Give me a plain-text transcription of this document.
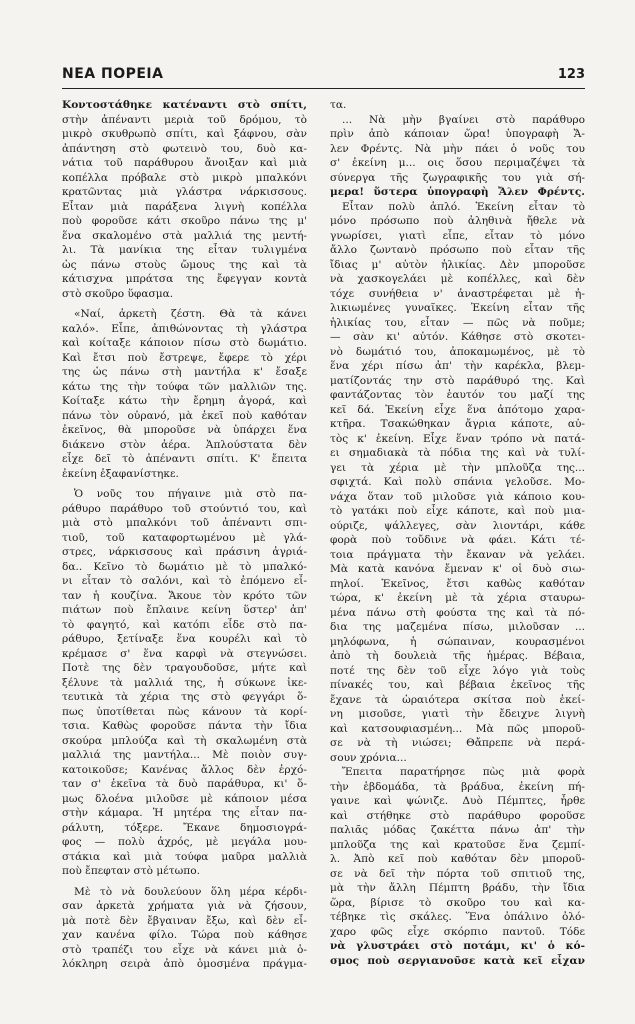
ΝΕΑ ΠΟΡΕΙΑ	123
Κοντοστάθηκε κατέναντι στὸ σπίτι,
στὴν ἀπέναντι μεριὰ τοῦ δρόμου, τὸ
μικρὸ σκυθρωπὸ σπίτι, καὶ ξάφνου, σὰν
ἀπάντηση στὸ φωτεινὸ του, δυὸ κα-
νάτια τοῦ παράθυρου ἄνοιξαν καὶ μιὰ
κοπέλλα πρόβαλε στὸ μικρὸ μπαλκόνι
κρατῶντας μιὰ γλάστρα νάρκισσους.
Εἶταν μιὰ παράξενα λιγνὴ κοπέλλα
ποὺ φοροῦσε κάτι σκοῦρο πάνω της μ'
ἕνα σκαλομένο στὰ μαλλιά της μεντή-
λι. Τὰ μανίκια της εἶταν τυλιγμένα
ὡς πάνω στοὺς ὤμους της καὶ τὰ
κάτισχνα μπράτσα της ἔφεγγαν κοντὰ
στὸ σκοῦρο ὕφασμα.
«Ναί, ἀρκετὴ ζέστη. Θὰ τὰ κάνει
καλό». Εἶπε, ἀπιθώνοντας τὴ γλάστρα
καὶ κοίταξε κάποιον πίσω στὸ δωμάτιο.
Καὶ ἔτσι ποὺ ἔστρεψε, ἔφερε τὸ χέρι
της ὡς πάνω στὴ μαντήλα κ' ἔσαξε
κάτω της τὴν τούφα τῶν μαλλιῶν της.
Κοίταξε κάτω τὴν ἔρημη ἀγορά, καὶ
πάνω τὸν οὐρανό, μὰ ἐκεῖ ποὺ καθόταν
ἐκεῖνος, θὰ μποροῦσε νὰ ὑπάρχει ἕνα
διάκενο στὸν ἀέρα. Ἁπλούστατα δὲν
εἶχε δεῖ τὸ ἀπέναντι σπίτι. Κ' ἔπειτα
ἐκείνη ἐξαφανίστηκε.
Ὁ νοῦς του πήγαινε μιὰ στὸ πα-
ράθυρο παράθυρο τοῦ στούντιό του, καὶ
μιὰ στὸ μπαλκόνι τοῦ ἀπέναντι σπι-
τιοῦ, τοῦ καταφορτωμένου μὲ γλά-
στρες, νάρκισσους καὶ πράσινη ἀγριά-
δα.. Κεῖνο τὸ δωμάτιο μὲ τὸ μπαλκό-
νι εἶταν τὸ σαλόνι, καὶ τὸ ἐπόμενο εἶ-
ταν ἡ κουζίνα. Ἄκουε τὸν κρότο τῶν
πιάτων ποὺ ἔπλαινε κείνη ὕστερ' ἀπ'
τὸ φαγητό, καὶ κατόπι εἶδε στὸ πα-
ράθυρο, ξετίναξε ἕνα κουρέλι καὶ τὸ
κρέμασε σ' ἕνα καρφὶ νὰ στεγνώσει.
Ποτὲ της δὲν τραγουδοῦσε, μήτε καὶ
ξέλυνε τὰ μαλλιά της, ἡ σύκωνε ἱκε-
τευτικὰ τὰ χέρια της στὸ φεγγάρι ὅ-
πως ὑποτίθεται πὼς κάνουν τὰ κορί-
τσια. Καθὼς φοροῦσε πάντα τὴν ἴδια
σκούρα μπλούζα καὶ τὴ σκαλωμένη στὰ
μαλλιά της μαντήλα... Μὲ ποιὸν συγ-
κατοικοῦσε; Κανένας ἄλλος δὲν ἐρχό-
ταν σ' ἐκεῖνα τὰ δυὸ παράθυρα, κι' ὅ-
μως δλοένα μιλοῦσε μὲ κάποιον μέσα
στὴν κάμαρα. Ἡ μητέρα της εἶταν πα-
ράλυτη, τόξερε. Ἔκανε δημοσιογρά-
φος — πολὺ ἀχρός, μὲ μεγάλα μου-
στάκια καὶ μιὰ τούφα μαῦρα μαλλιὰ
ποὺ ἔπεφταν στὸ μέτωπο.
Μὲ τὸ νὰ δουλεύουν ὅλη μέρα κέρδι-
σαν ἀρκετὰ χρήματα γιὰ νὰ ζήσουν,
μὰ ποτὲ δὲν ἔβγαιναν ἔξω, καὶ δὲν εἶ-
χαν κανένα φίλο. Τώρα ποὺ κάθησε
στὸ τραπέζι του εἶχε νὰ κάνει μιὰ ὁ-
λόκληρη σειρὰ ἀπὸ ὁμοσμένα πράγμα-
τα.
... Νὰ μὴν βγαίνει στὸ παράθυρο
πρὶν ἀπὸ κάποιαν ὥρα! ὑπογραφὴ Ἄ-
λεν Φρέντς. Νὰ μὴν πάει ὁ νοῦς του
σ' ἐκείνη μ... οις ὅσου περιμαζέψει τὰ
σύνεργα τῆς ζωγραφικῆς του γιὰ σή-
μερα! ὕστερα ὑπογραφὴ Ἄλεν Φρέντς.
Εἶταν πολὺ ἁπλό. Ἐκείνη εἶταν τὸ
μόνο πρόσωπο ποὺ ἀληθινὰ ἤθελε νὰ
γνωρίσει, γιατὶ εἶπε, εἶταν τὸ μόνο
ἄλλο ζωντανὸ πρόσωπο ποὺ εἶταν τῆς
ἴδιας μ' αὐτὸν ἡλικίας. Δὲν μποροῦσε
νὰ χασκογελάει μὲ κοπέλλες, καὶ δὲν
τόχε συνήθεια ν' ἀναστρέφεται μὲ ἠ-
λικιωμένες γυναῖκες. Ἐκείνη εἶταν τῆς
ἡλικίας του, εἶταν — πῶς νὰ ποῦμε;
— σὰν κι' αὐτόν. Κάθησε στὸ σκοτει-
νὸ δωμάτιό του, ἀποκαμωμένος, μὲ τὸ
ἕνα χέρι πίσω ἀπ' τὴν καρέκλα, βλεμ-
ματίζοντάς την στὸ παράθυρό της. Καὶ
φαντάζοντας τὸν ἑαυτόν του μαζί της
κεῖ δά. Ἐκείνη εἶχε ἕνα ἀπότομο χαρα-
κτῆρα. Τσακώθηκαν ἄγρια κάποτε, αὐ-
τὸς κ' ἐκείνη. Εἶχε ἕναν τρόπο νὰ πατά-
ει σημαδιακὰ τὰ πόδια της καὶ νὰ τυλί-
γει τὰ χέρια μὲ τὴν μπλοῦζα της...
σφιχτά. Καὶ πολὺ σπάνια γελοῦσε. Μο-
νάχα ὅταν τοῦ μιλοῦσε γιὰ κάποιο κου-
τὸ γατάκι ποὺ εἶχε κάποτε, καὶ ποὺ μια-
ούριζε, ψάλλεγες, σὰν λιοντάρι, κάθε
φορὰ ποὺ τοὔδινε νὰ φάει. Κάτι τέ-
τοια πράγματα τὴν ἔκαναν νὰ γελάει.
Μὰ κατὰ κανόνα ἔμεναν κ' οἱ δυὸ σιω-
πηλοί. Ἐκεῖνος, ἔτσι καθὼς καθόταν
τώρα, κ' ἐκείνη μὲ τὰ χέρια σταυρω-
μένα πάνω στὴ φούστα της καὶ τὰ πό-
δια της μαζεμένα πίσω, μιλοῦσαν ...
μηλόφωνα, ἡ σώπαιναν, κουρασμένοι
ἀπὸ τὴ δουλειὰ τῆς ἡμέρας. Βέβαια,
ποτέ της δὲν τοῦ εἶχε λόγο γιὰ τοὺς
πίνακές του, καὶ βέβαια ἐκεῖνος τῆς
ἔχανε τὰ ὡραιότερα σκίτσα ποὺ ἐκεί-
νη μισοῦσε, γιατὶ τὴν ἔδειχνε λιγνὴ
καὶ κατσουφιασμένη... Μὰ πῶς μποροῦ-
σε νὰ τὴ νιώσει; Θἄπρεπε νὰ περά-
σουν χρόνια...
Ἔπειτα παρατήρησε πὼς μιὰ φορὰ
τὴν ἑβδομάδα, τὰ βράδυα, ἐκείνη πή-
γαινε καὶ ψώνιζε. Δυὸ Πέμπτες, ἦρθε
καὶ στήθηκε στὸ παράθυρο φοροῦσε
παλιᾶς μόδας ζακέττα πάνω ἀπ' τὴν
μπλοῦζα της καὶ κρατοῦσε ἕνα ζεμπί-
λ. Ἀπὸ κεῖ ποὺ καθόταν δὲν μποροῦ-
σε νὰ δεῖ τὴν πόρτα τοῦ σπιτιοῦ της,
μὰ τὴν ἄλλη Πέμπτη βράδυ, τὴν ἴδια
ὥρα, βίρισε τὸ σκοῦρο του καὶ κα-
τέβηκε τὶς σκάλες. Ἕνα ὀπάλινο ὀλό-
χαρο φῶς εἶχε σκόρπιο παντοῦ. Τόδε
νὰ γλυστράει στὸ ποτάμι, κι' ὁ κό-
σμος ποὺ σεργιανοῦσε κατὰ κεῖ εἶχαν
